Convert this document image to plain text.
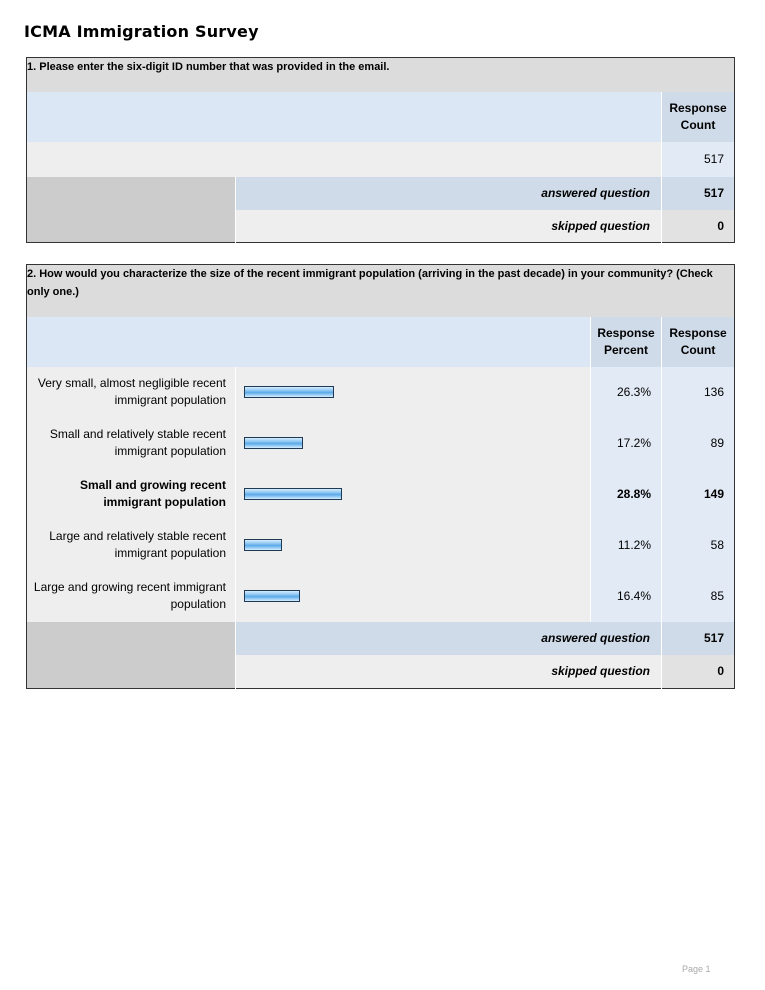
ICMA Immigration Survey
1. Please enter the six-digit ID number that was provided in the email.		
		Response Count
		517
	answered question	517
	skipped question	0
2. How would you characterize the size of the recent immigrant population (arriving in the past decade) in your community? (Check only one.)			
		Response Percent	Response Count
Very small, almost negligible recent immigrant population		26.3%	136
Small and relatively stable recent immigrant population		17.2%	89
Small and growing recent immigrant population		28.8%	149
Large and relatively stable recent immigrant population		11.2%	58
Large and growing recent immigrant population		16.4%	85
	answered question		517
	skipped question		0
Page 1
